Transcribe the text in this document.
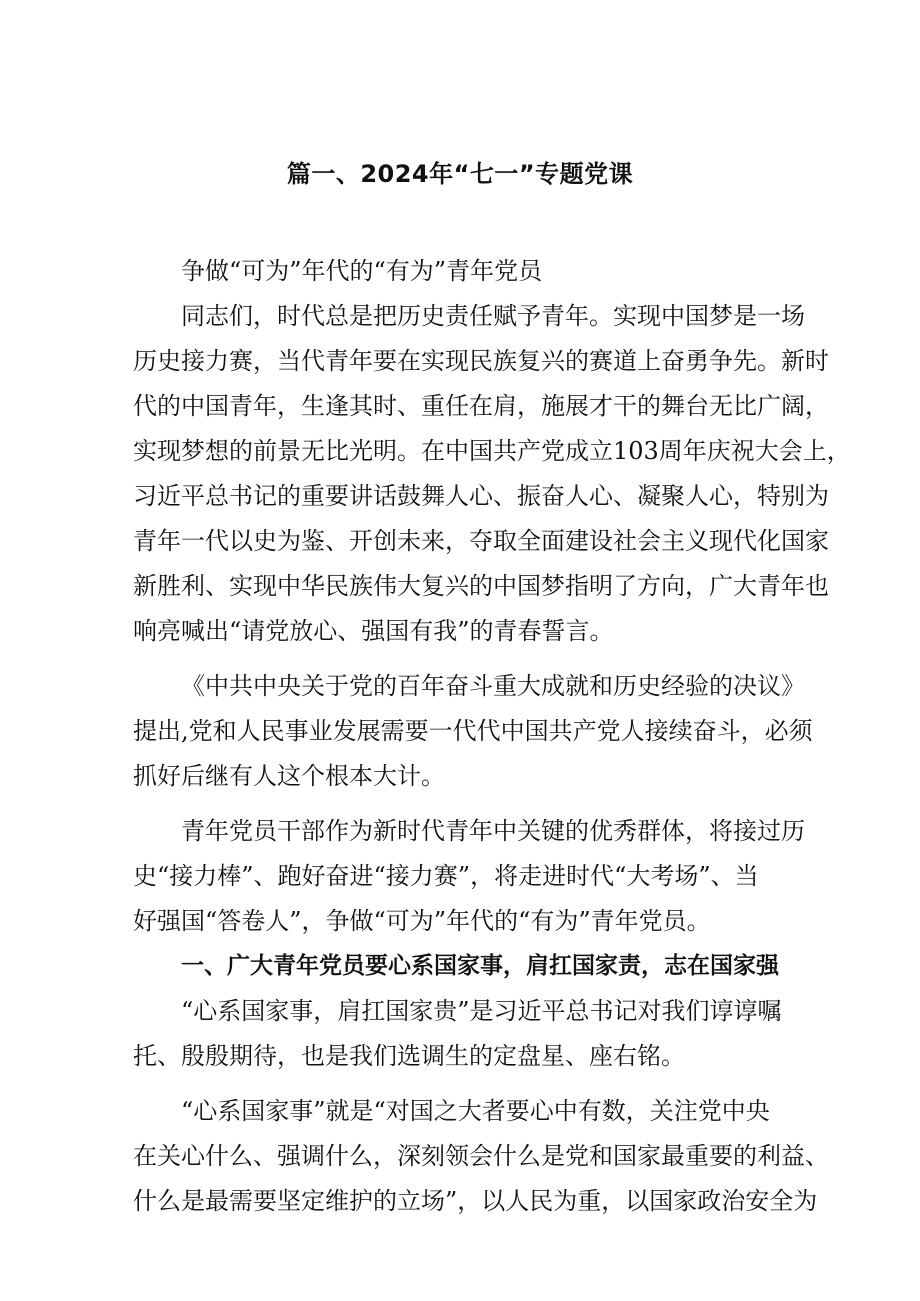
篇一、2024年“七一”专题党课
争做“可为”年代的“有为”青年党员
同志们，时代总是把历史责任赋予青年。实现中国梦是一场
历史接力赛，当代青年要在实现民族复兴的赛道上奋勇争先。新时
代的中国青年，生逢其时、重任在肩，施展才干的舞台无比广阔，
实现梦想的前景无比光明。在中国共产党成立103周年庆祝大会上，
习近平总书记的重要讲话鼓舞人心、振奋人心、凝聚人心，特别为
青年一代以史为鉴、开创未来，夺取全面建设社会主义现代化国家
新胜利、实现中华民族伟大复兴的中国梦指明了方向，广大青年也
响亮喊出“请党放心、强国有我”的青春誓言。
《中共中央关于党的百年奋斗重大成就和历史经验的决议》
提出,党和人民事业发展需要一代代中国共产党人接续奋斗，必须
抓好后继有人这个根本大计。
青年党员干部作为新时代青年中关键的优秀群体，将接过历
史“接力棒”、跑好奋进“接力赛”，将走进时代“大考场”、当
好强国“答卷人”，争做“可为”年代的“有为”青年党员。
一、广大青年党员要心系国家事，肩扛国家责，志在国家强
“心系国家事，肩扛国家贵”是习近平总书记对我们谆谆嘱
托、殷殷期待，也是我们选调生的定盘星、座右铭。
“心系国家事”就是“对国之大者要心中有数，关注党中央
在关心什么、强调什么，深刻领会什么是党和国家最重要的利益、
什么是最需要坚定维护的立场”，以人民为重，以国家政治安全为
